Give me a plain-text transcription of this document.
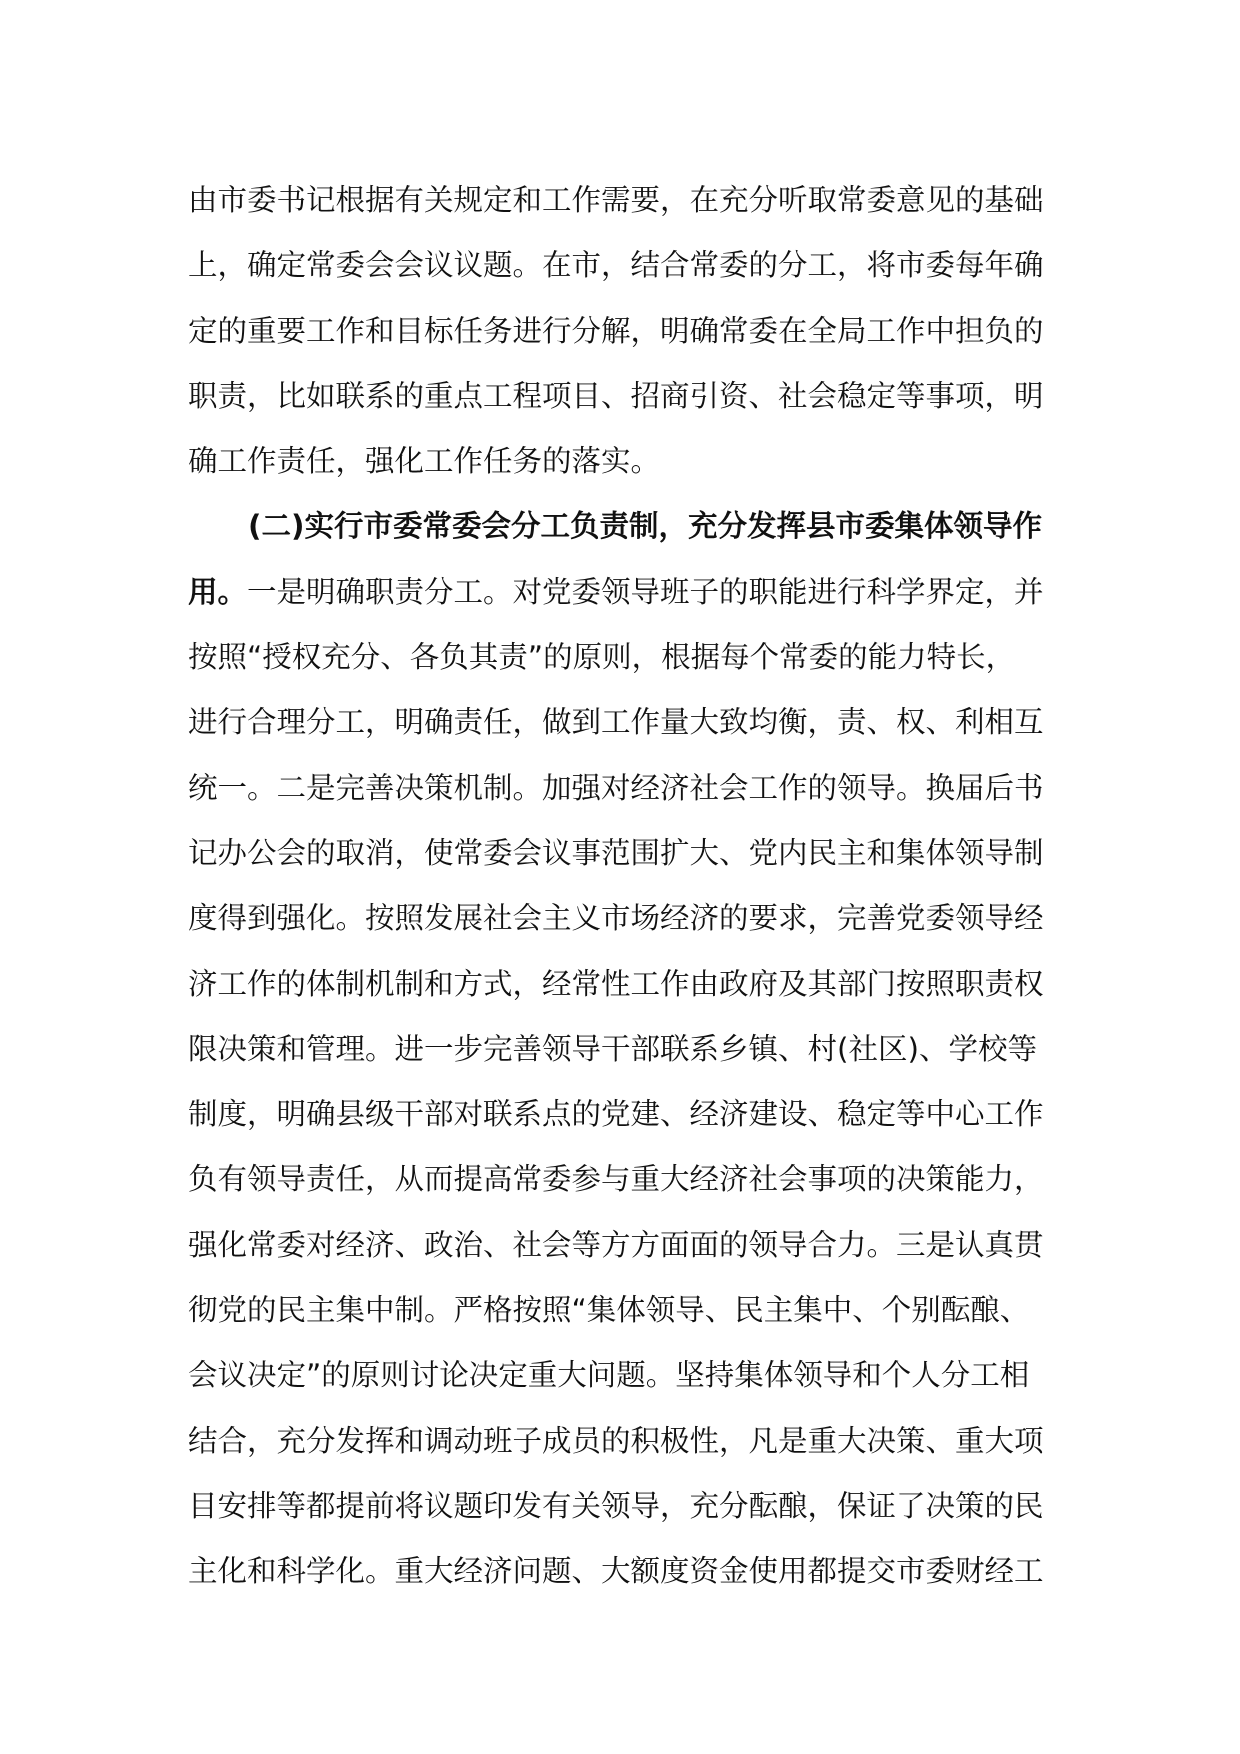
由市委书记根据有关规定和工作需要，在充分听取常委意见的基础
上，确定常委会会议议题。在市，结合常委的分工，将市委每年确
定的重要工作和目标任务进行分解，明确常委在全局工作中担负的
职责，比如联系的重点工程项目、招商引资、社会稳定等事项，明
确工作责任，强化工作任务的落实。
(二)实行市委常委会分工负责制，充分发挥县市委集体领导作
用。一是明确职责分工。对党委领导班子的职能进行科学界定，并
按照“授权充分、各负其责”的原则，根据每个常委的能力特长，
进行合理分工，明确责任，做到工作量大致均衡，责、权、利相互
统一。二是完善决策机制。加强对经济社会工作的领导。换届后书
记办公会的取消，使常委会议事范围扩大、党内民主和集体领导制
度得到强化。按照发展社会主义市场经济的要求，完善党委领导经
济工作的体制机制和方式，经常性工作由政府及其部门按照职责权
限决策和管理。进一步完善领导干部联系乡镇、村(社区)、学校等
制度，明确县级干部对联系点的党建、经济建设、稳定等中心工作
负有领导责任，从而提高常委参与重大经济社会事项的决策能力，
强化常委对经济、政治、社会等方方面面的领导合力。三是认真贯
彻党的民主集中制。严格按照“集体领导、民主集中、个别酝酿、
会议决定”的原则讨论决定重大问题。坚持集体领导和个人分工相
结合，充分发挥和调动班子成员的积极性，凡是重大决策、重大项
目安排等都提前将议题印发有关领导，充分酝酿，保证了决策的民
主化和科学化。重大经济问题、大额度资金使用都提交市委财经工
